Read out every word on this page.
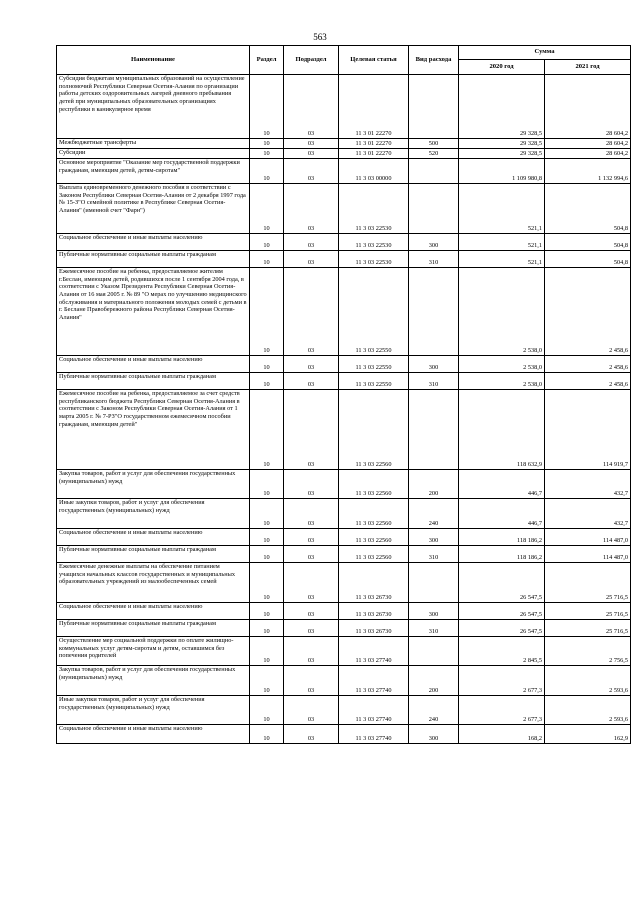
563
Наименование	Раздел	Подраздел	Целевая статья	Вид расхода	Сумма	
					2020 год	2021 год
Субсидия бюджетам муниципальных образований на осуществление полномочий Республики Северная Осетия-Алания по организации работы детских оздоровительных лагерей дневного пребывания детей при муниципальных образовательных организациях республики в каникулярное время	10	03	11 3 01 22270		29 328,5	28 604,2
Межбюджетные трансферты	10	03	11 3 01 22270	500	29 328,5	28 604,2
Субсидии	10	03	11 3 01 22270	520	29 328,5	28 604,2
Основное мероприятие "Оказание мер государственной поддержки гражданам, имеющим детей, детям-сиротам"	10	03	11 3 03 00000		1 109 980,8	1 132 994,6
Выплата единовременного денежного пособия в соответствии с Законом Республики Северная Осетия-Алания от 2 декабря 1997 года № 15-З"О семейной политике в Республике Северная Осетия-Алания" (именной счет "Фарн")	10	03	11 3 03 22530		521,1	504,8
Социальное обеспечение и иные выплаты населению	10	03	11 3 03 22530	300	521,1	504,8
Публичные нормативные социальные выплаты гражданам	10	03	11 3 03 22530	310	521,1	504,8
Ежемесячное пособие на ребенка, предоставляемое жителям г.Беслан, имеющим детей, родившихся после 1 сентября 2004 года, в соответствии с Указом Президента Республики Северная Осетия-Алания от 16 мая 2005 г. № 89 "О мерах по улучшению медицинского обслуживания и материального положения молодых семей с детьми в г. Беслане Правобережного района Республики Северная Осетия-Алания"	10	03	11 3 03 22550		2 538,0	2 458,6
Социальное обеспечение и иные выплаты населению	10	03	11 3 03 22550	300	2 538,0	2 458,6
Публичные нормативные социальные выплаты гражданам	10	03	11 3 03 22550	310	2 538,0	2 458,6
Ежемесячное пособие на ребенка, предоставляемое за счет средств республиканского бюджета Республики Северная Осетия-Алания в соответствии с Законом Республики Северная Осетия-Алания от 1 марта 2005 г. № 7-РЗ"О государственном ежемесячном пособии гражданам, имеющим детей"	10	03	11 3 03 22560		118 632,9	114 919,7
Закупка товаров, работ и услуг для обеспечения государственных (муниципальных) нужд	10	03	11 3 03 22560	200	446,7	432,7
Иные закупки товаров, работ и услуг для обеспечения государственных (муниципальных) нужд	10	03	11 3 03 22560	240	446,7	432,7
Социальное обеспечение и иные выплаты населению	10	03	11 3 03 22560	300	118 186,2	114 487,0
Публичные нормативные социальные выплаты гражданам	10	03	11 3 03 22560	310	118 186,2	114 487,0
Ежемесячные денежные выплаты на обеспечение питанием учащихся начальных классов государственных и муниципальных образовательных учреждений из малообеспеченных семей	10	03	11 3 03 26730		26 547,5	25 716,5
Социальное обеспечение и иные выплаты населению	10	03	11 3 03 26730	300	26 547,5	25 716,5
Публичные нормативные социальные выплаты гражданам	10	03	11 3 03 26730	310	26 547,5	25 716,5
Осуществление мер социальной поддержки по оплате жилищно-коммунальных услуг детям-сиротам и детям, оставшимся без попечения родителей	10	03	11 3 03 27740		2 845,5	2 756,5
Закупка товаров, работ и услуг для обеспечения государственных (муниципальных) нужд	10	03	11 3 03 27740	200	2 677,3	2 593,6
Иные закупки товаров, работ и услуг для обеспечения государственных (муниципальных) нужд	10	03	11 3 03 27740	240	2 677,3	2 593,6
Социальное обеспечение и иные выплаты населению	10	03	11 3 03 27740	300	168,2	162,9
